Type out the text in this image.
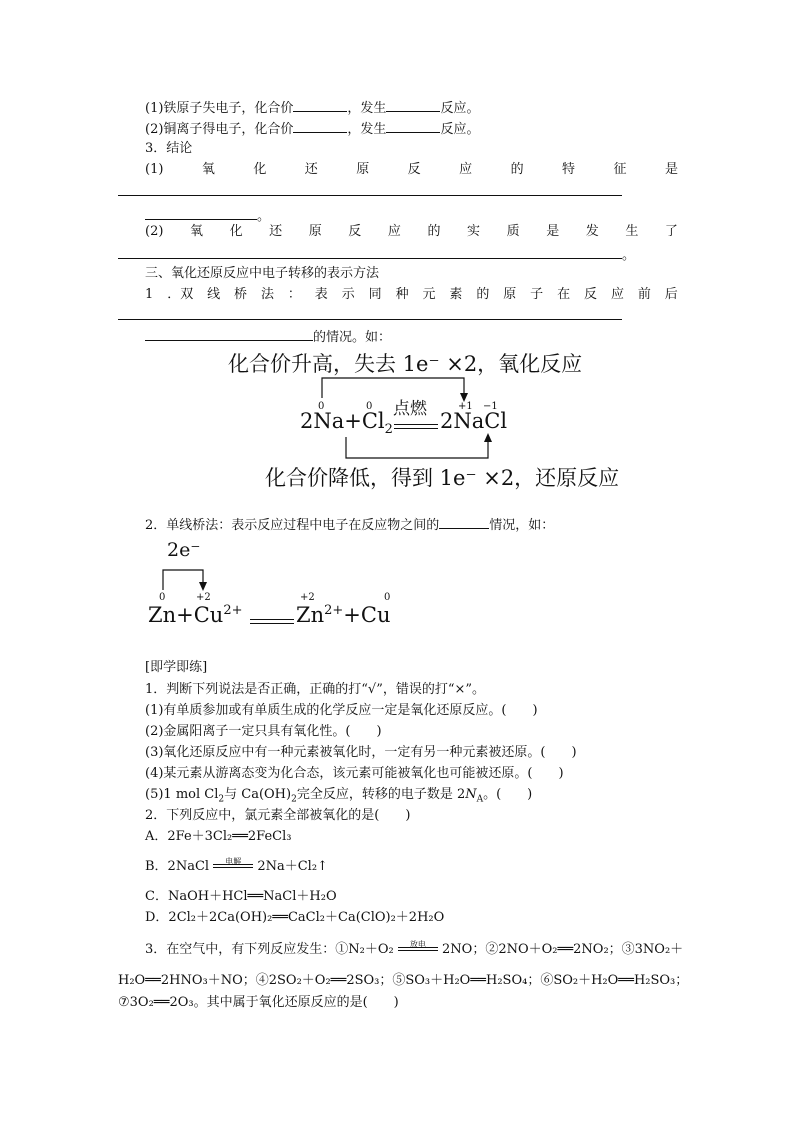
(1)铁原子失电子，化合价	，发生	反应。
(2)铜离子得电子，化合价	，发生	反应。
3．结论
(1)	氧	化	还	原	反	应	的	特	征	是
。
(2) 氧 化 还 原 反 应 的 实 质 是 发 生 了
。
三、氧化还原反应中电子转移的表示方法
1 ．双 线 桥 法 ： 表 示 同 种 元 素 的 原 子 在 反 应 前 后
的情况。如：
化合价升高，失去 1e⁻ ×2，氧化反应
0	0	+1 −1
点燃
$2Na+Cl_2$ 2NaCl
化合价降低，得到 1e⁻ ×2，还原反应
2．单线桥法：表示反应过程中电子在反应物之间的	情况，如：
2e⁻
0	+2	+2	0
$Zn+Cu^{2+}$	$Zn^{2+}+Cu$
[即学即练]
1．判断下列说法是否正确，正确的打“√”，错误的打“×”。
(1)有单质参加或有单质生成的化学反应一定是氧化还原反应。(　　)
(2)金属阳离子一定只具有氧化性。(　　)
(3)氧化还原反应中有一种元素被氧化时，一定有另一种元素被还原。(　　)
(4)某元素从游离态变为化合态，该元素可能被氧化也可能被还原。(　　)
(5)1 mol $Cl_2$与 $Ca(OH)_2$完全反应，转移的电子数是 $2N_A$。(　　)
2．下列反应中，氯元素全部被氧化的是(　　)
A．2Fe＋3Cl₂══2FeCl₃
B．2NaCl	电解	2Na＋Cl₂↑
C．NaOH＋HCl══NaCl＋H₂O
D．2Cl₂＋2Ca(OH)₂══CaCl₂＋Ca(ClO)₂＋2H₂O
3．在空气中，有下列反应发生：①N₂＋O₂	放电	2NO；②2NO＋O₂══2NO₂；③3NO₂＋
H₂O══2HNO₃＋NO；④2SO₂＋O₂══2SO₃；⑤SO₃＋H₂O══H₂SO₄；⑥SO₂＋H₂O══H₂SO₃；
⑦3O₂══2O₃。其中属于氧化还原反应的是(　　)
